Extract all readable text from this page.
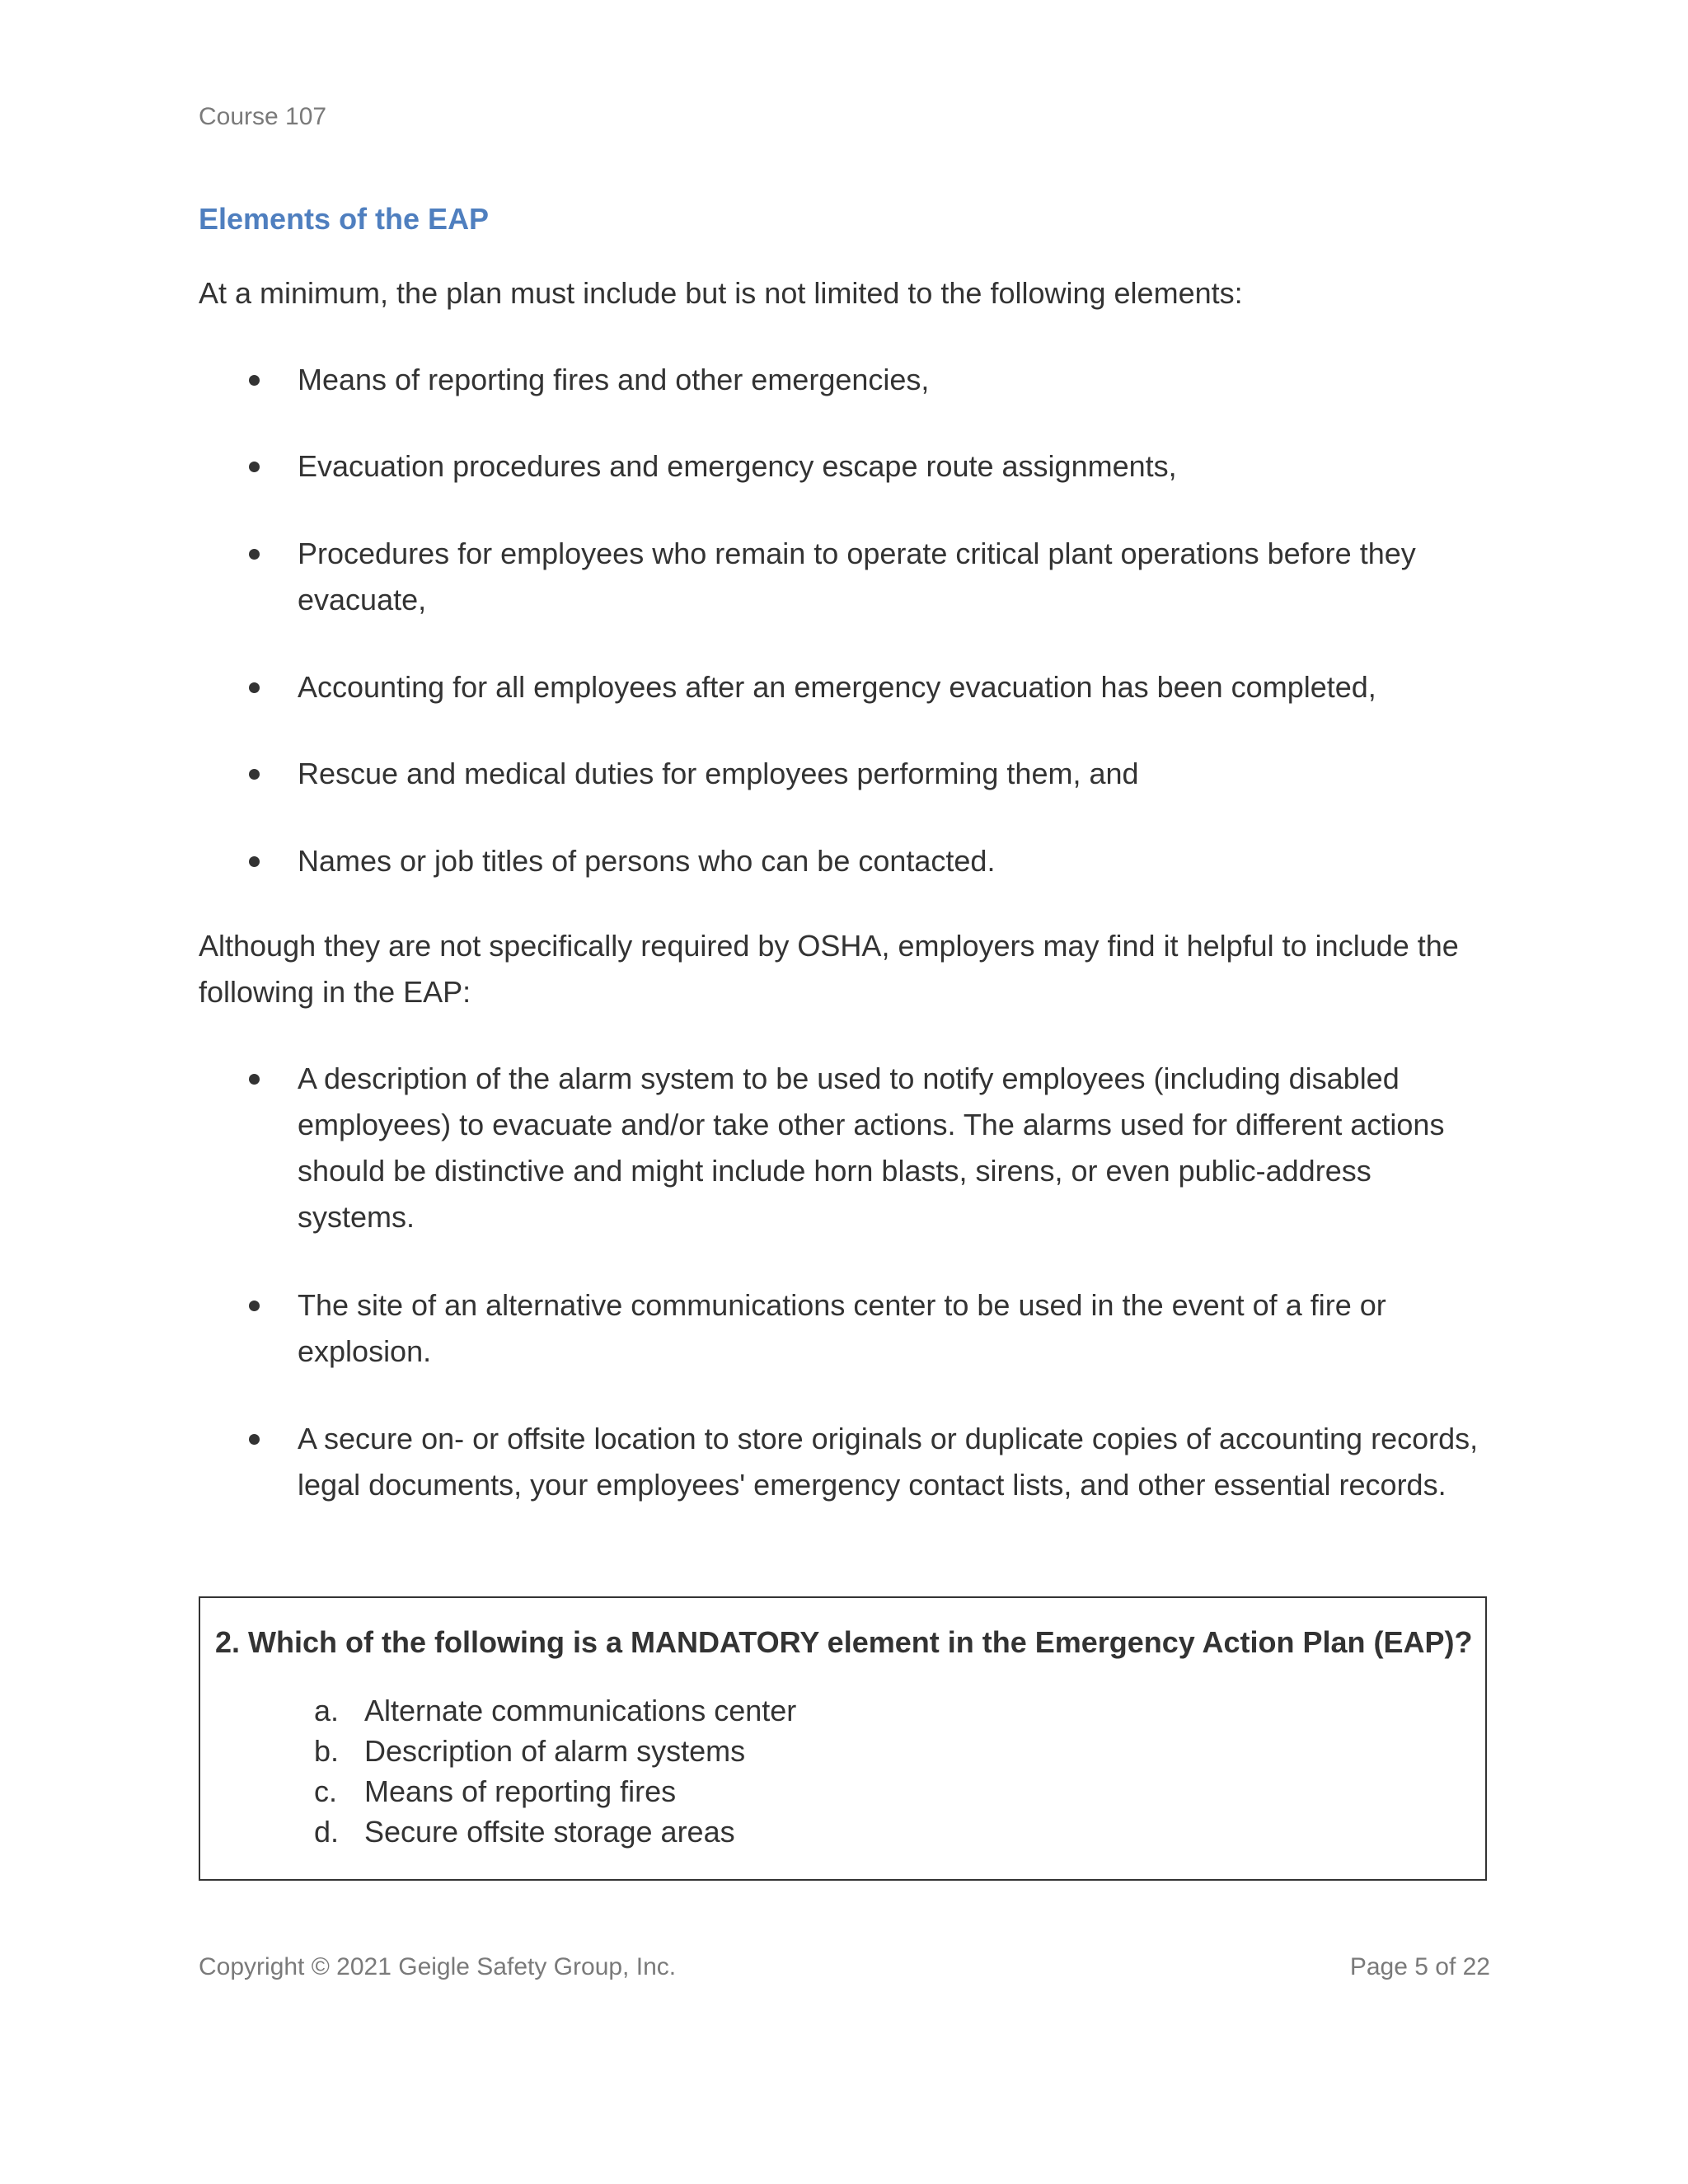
Course 107
Elements of the EAP
At a minimum, the plan must include but is not limited to the following elements:
Means of reporting fires and other emergencies,
Evacuation procedures and emergency escape route assignments,
Procedures for employees who remain to operate critical plant operations before they evacuate,
Accounting for all employees after an emergency evacuation has been completed,
Rescue and medical duties for employees performing them, and
Names or job titles of persons who can be contacted.
Although they are not specifically required by OSHA, employers may find it helpful to include the following in the EAP:
A description of the alarm system to be used to notify employees (including disabled employees) to evacuate and/or take other actions. The alarms used for different actions should be distinctive and might include horn blasts, sirens, or even public-address systems.
The site of an alternative communications center to be used in the event of a fire or explosion.
A secure on- or offsite location to store originals or duplicate copies of accounting records, legal documents, your employees' emergency contact lists, and other essential records.
2. Which of the following is a MANDATORY element in the Emergency Action Plan (EAP)?
a. Alternate communications center
b. Description of alarm systems
c. Means of reporting fires
d. Secure offsite storage areas
Copyright © 2021 Geigle Safety Group, Inc.	Page 5 of 22
